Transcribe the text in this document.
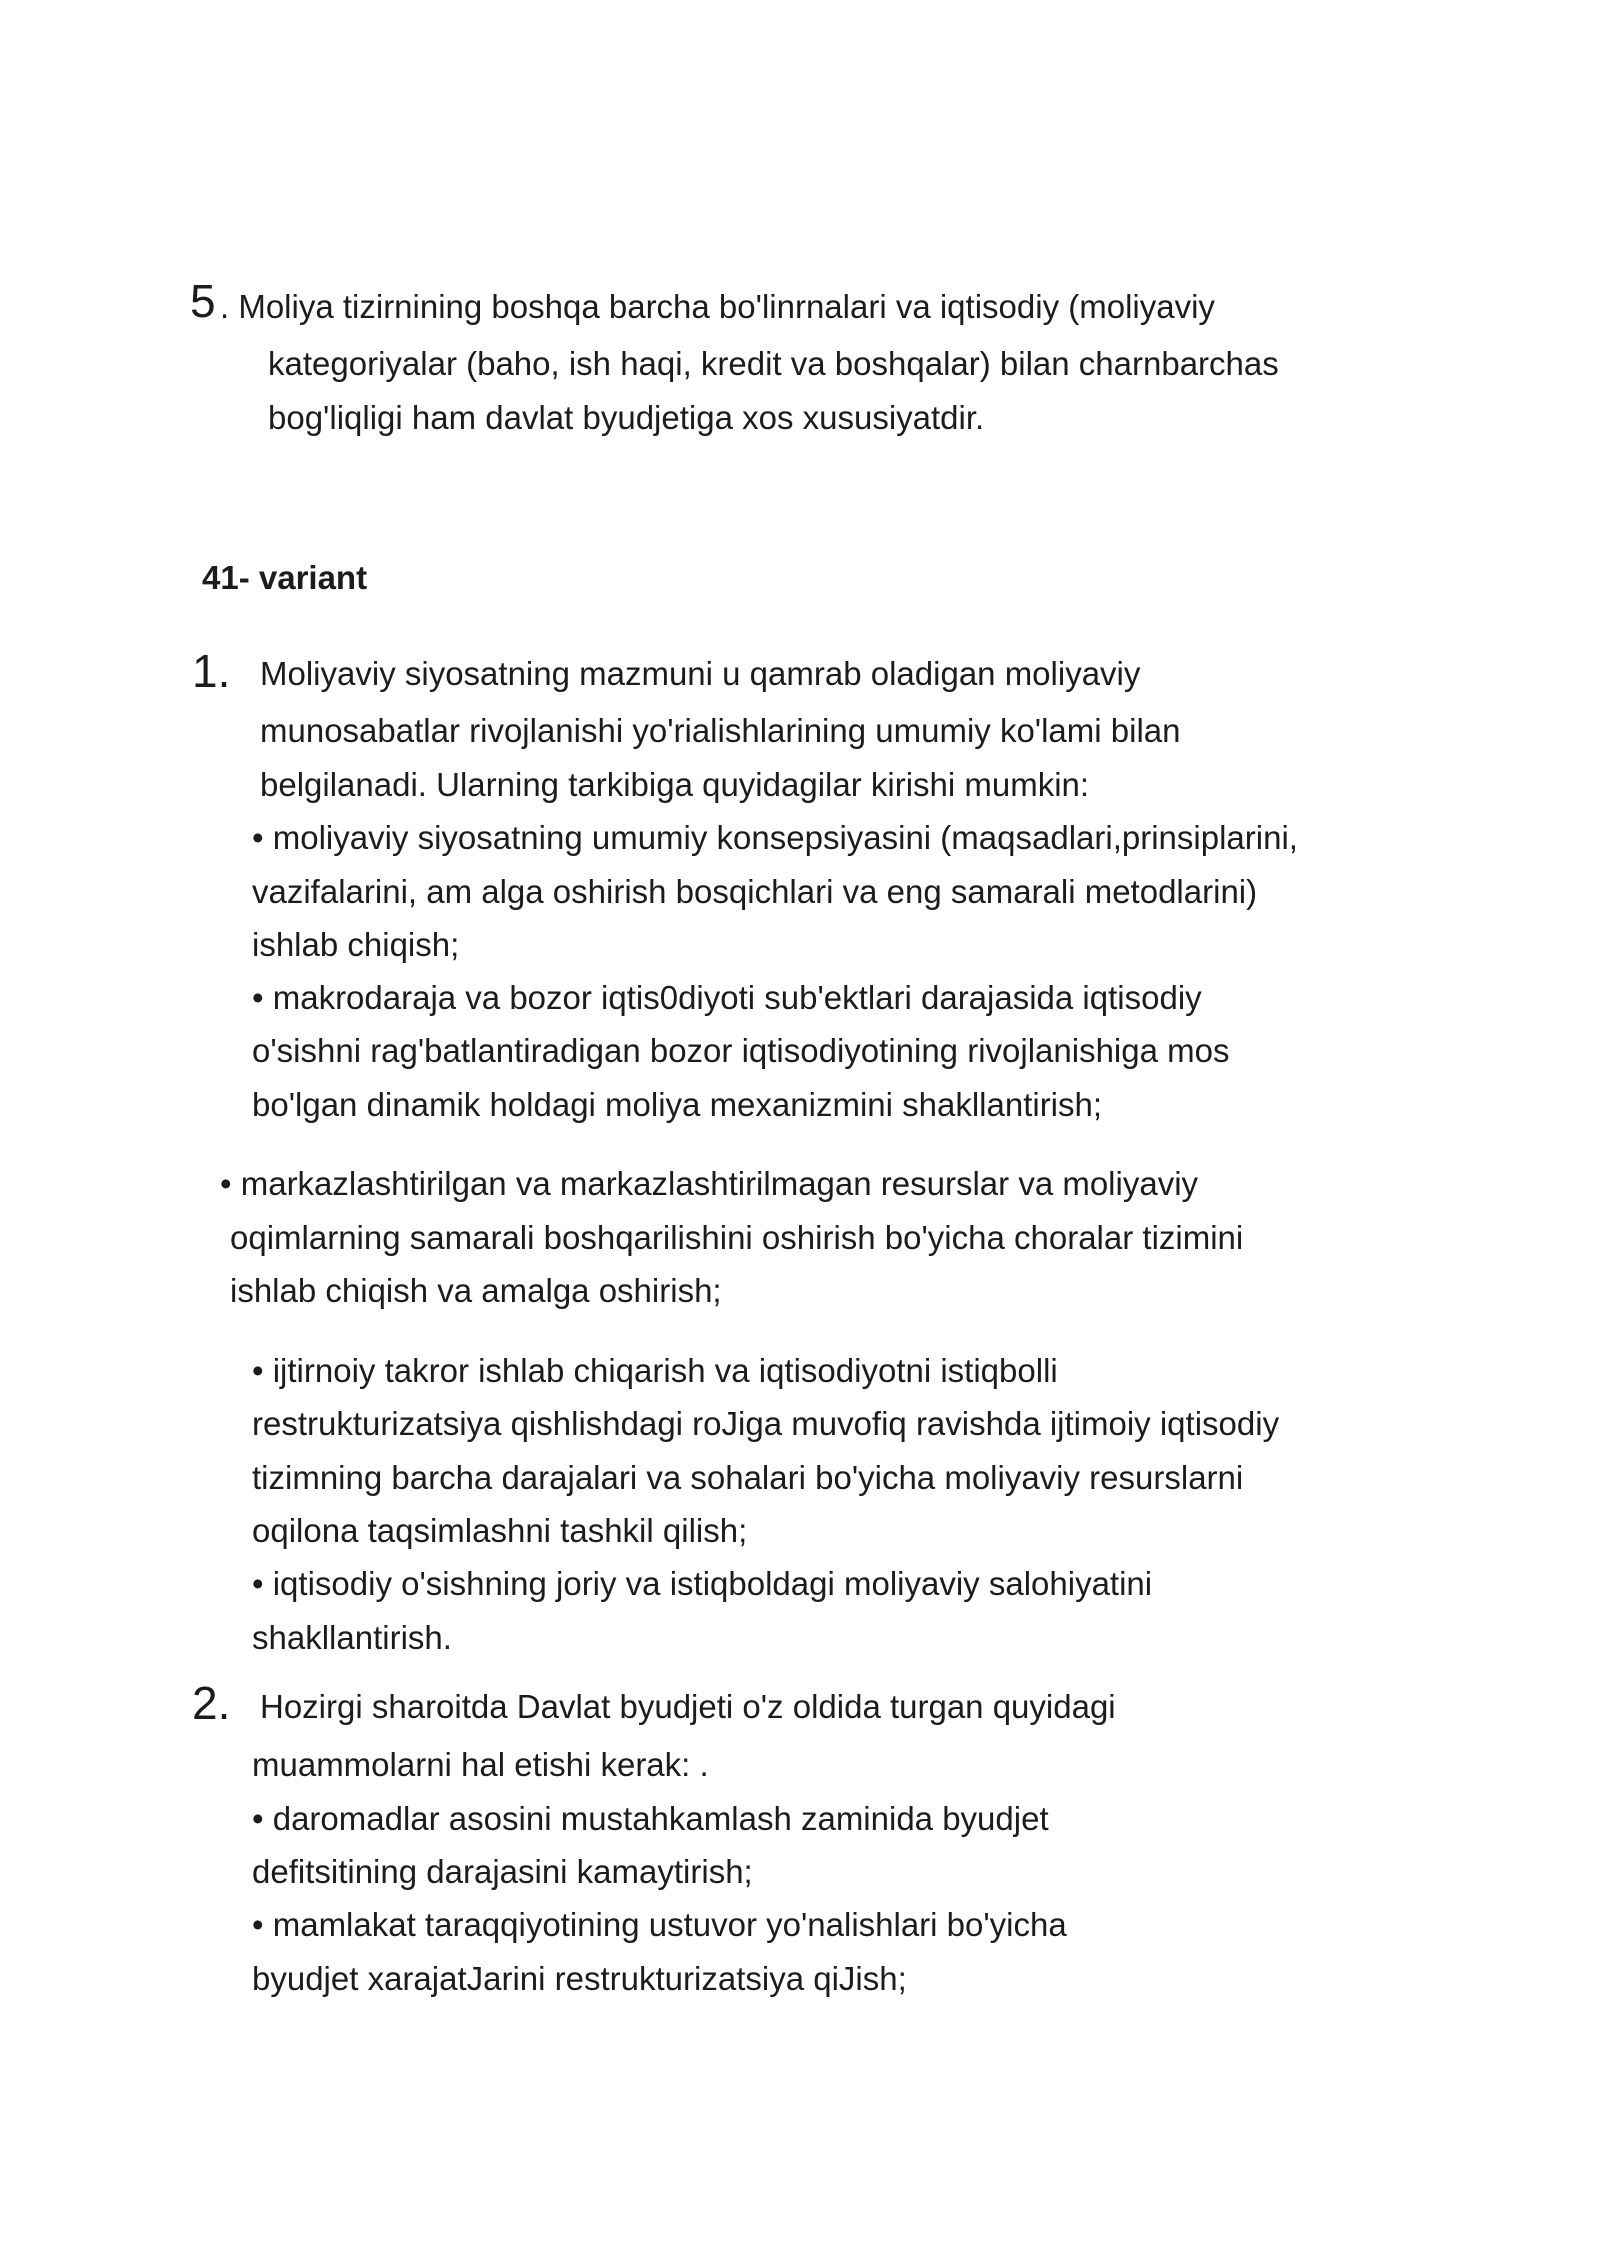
5 . Moliya tizirnining boshqa barcha bo'linrnalari va iqtisodiy (moliyaviy
kategoriyalar (baho, ish haqi, kredit va boshqalar) bilan charnbarchas
bog'liqligi ham davlat byudjetiga xos xususiyatdir.
41- variant
1. Moliyaviy siyosatning mazmuni u qamrab oladigan moliyaviy
munosabatlar rivojlanishi yo'rialishlarining umumiy ko'lami bilan
belgilanadi. Ularning tarkibiga quyidagilar kirishi mumkin:
• moliyaviy siyosatning umumiy konsepsiyasini (maqsadlari,prinsiplarini,
vazifalarini, am alga oshirish bosqichlari va eng samarali metodlarini)
ishlab chiqish;
• makrodaraja va bozor iqtis0diyoti sub'ektlari darajasida iqtisodiy
o'sishni rag'batlantiradigan bozor iqtisodiyotining rivojlanishiga mos
bo'lgan dinamik holdagi moliya mexanizmini shakllantirish;
• markazlashtirilgan va markazlashtirilmagan resurslar va moliyaviy
oqimlarning samarali boshqarilishini oshirish bo'yicha choralar tizimini
ishlab chiqish va amalga oshirish;
• ijtirnoiy takror ishlab chiqarish va iqtisodiyotni istiqbolli
restrukturizatsiya qishlishdagi roJiga muvofiq ravishda ijtimoiy iqtisodiy
tizimning barcha darajalari va sohalari bo'yicha moliyaviy resurslarni
oqilona taqsimlashni tashkil qilish;
• iqtisodiy o'sishning joriy va istiqboldagi moliyaviy salohiyatini
shakllantirish.
2. Hozirgi sharoitda Davlat byudjeti o'z oldida turgan quyidagi
muammolarni hal etishi kerak: .
• daromadlar asosini mustahkamlash zaminida byudjet
defitsitining darajasini kamaytirish;
• mamlakat taraqqiyotining ustuvor yo'nalishlari bo'yicha
byudjet xarajatJarini restrukturizatsiya qiJish;
